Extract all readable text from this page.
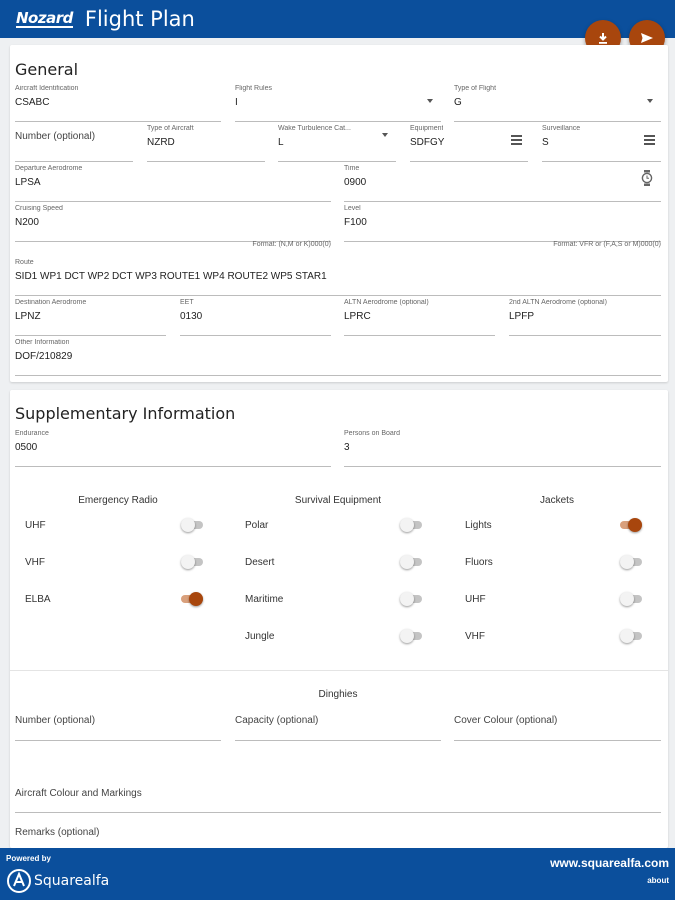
Nozard Flight Plan
General
Aircraft Identification
CSABC
Flight Rules
I
Type of Flight
G
Number (optional)
Type of Aircraft
NZRD
Wake Turbulence Cat...
L
Equipment
SDFGY
Surveillance
S
Departure Aerodrome
LPSA
Time
0900
Cruising Speed
N200
Format: (N,M or K)000(0)
Level
F100
Format: VFR or (F,A,S or M)000(0)
Route
SID1 WP1 DCT WP2 DCT WP3 ROUTE1 WP4 ROUTE2 WP5 STAR1
Destination Aerodrome
LPNZ
EET
0130
ALTN Aerodrome (optional)
LPRC
2nd ALTN Aerodrome (optional)
LPFP
Other Information
DOF/210829
Supplementary Information
Endurance
0500
Persons on Board
3
Emergency Radio
UHF
VHF
ELBA
Survival Equipment
Polar
Desert
Maritime
Jungle
Jackets
Lights
Fluors
UHF
VHF
Dinghies
Number (optional)	Capacity (optional)	Cover Colour (optional)
Aircraft Colour and Markings
Remarks (optional)
Powered by
Squarealfa
www.squarealfa.com
about
